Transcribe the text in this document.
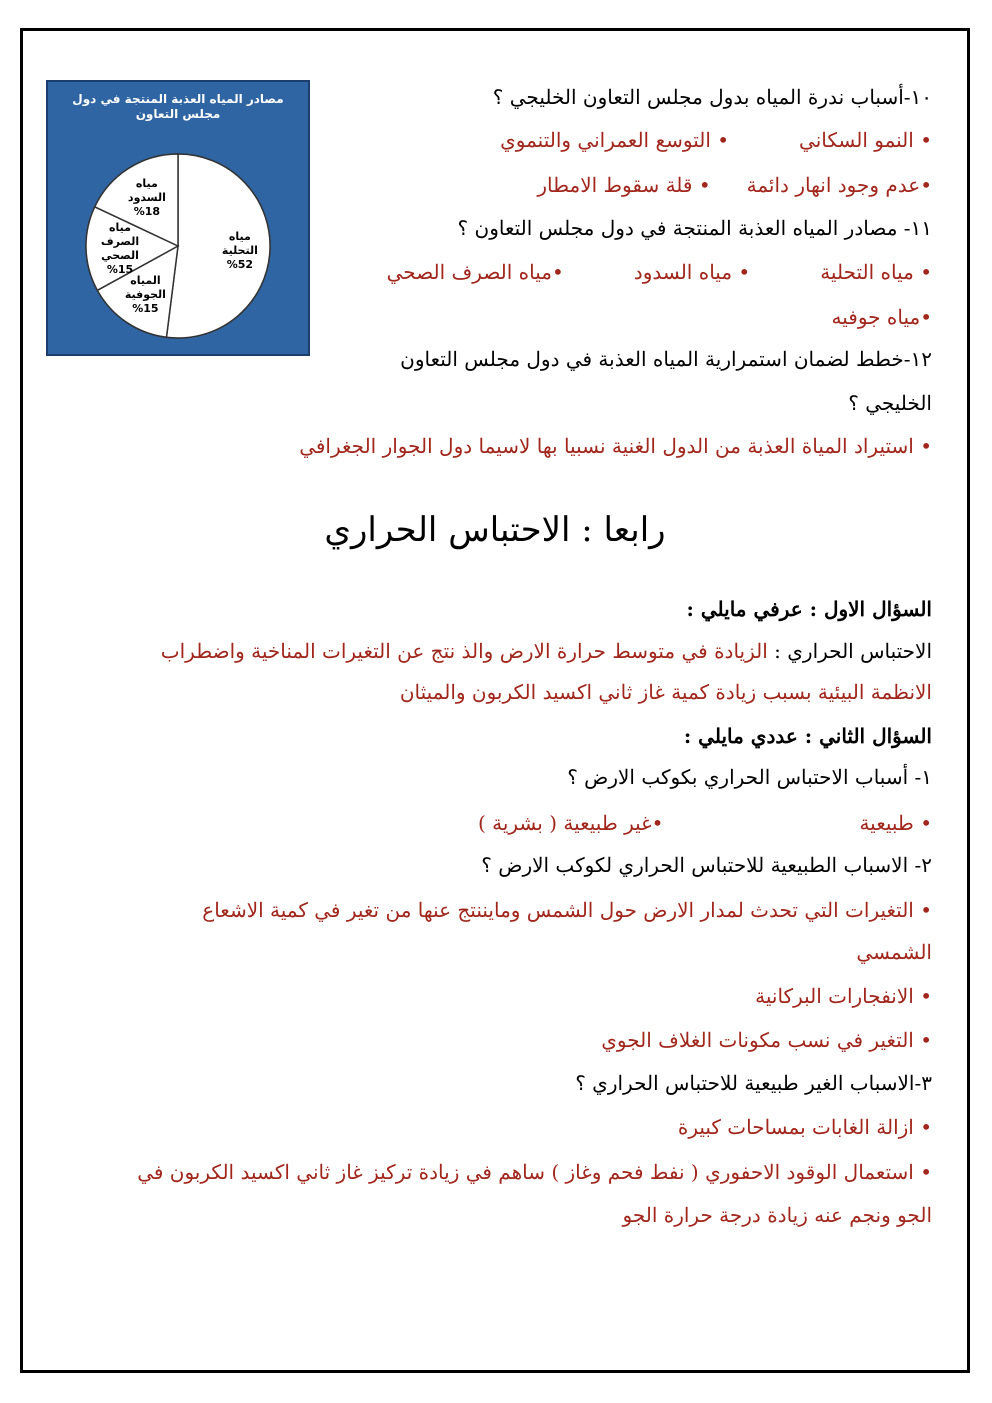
مصادر المياه العذبة المنتجة في دول مجلس التعاون
مياه التحلية %52
المياه الجوفية %15
مياه الصرف الصحي %15
مياه السدود %18
١٠-أسباب ندرة المياه بدول مجلس التعاون الخليجي ؟
• النمو السكاني• التوسع العمراني والتنموي
•عدم وجود انهار دائمة• قلة سقوط الامطار
١١- مصادر المياه العذبة المنتجة في دول مجلس التعاون ؟
• مياه التحلية• مياه السدود•مياه الصرف الصحي
•مياه جوفيه
١٢-خطط لضمان استمرارية المياه العذبة في دول مجلس التعاون
الخليجي ؟
• استيراد المياة العذبة من الدول الغنية نسبيا بها لاسيما دول الجوار الجغرافي
رابعا : الاحتباس الحراري
السؤال الاول : عرفي مايلي :
الاحتباس الحراري : الزيادة في متوسط حرارة الارض والذ نتج عن التغيرات المناخية واضطراب
الانظمة البيئية بسبب زيادة كمية غاز ثاني اكسيد الكربون والميثان
السؤال الثاني : عددي مايلي :
١- أسباب الاحتباس الحراري بكوكب الارض ؟
• طبيعية•غير طبيعية ( بشرية )
٢- الاسباب الطبيعية للاحتباس الحراري لكوكب الارض ؟
• التغيرات التي تحدث لمدار الارض حول الشمس ومايننتج عنها من تغير في كمية الاشعاع
الشمسي
• الانفجارات البركانية
• التغير في نسب مكونات الغلاف الجوي
٣-الاسباب الغير طبيعية للاحتباس الحراري ؟
• ازالة الغابات بمساحات كبيرة
• استعمال الوقود الاحفوري ( نفط فحم وغاز ) ساهم في زيادة تركيز غاز ثاني اكسيد الكربون في
الجو ونجم عنه زيادة درجة حرارة الجو
